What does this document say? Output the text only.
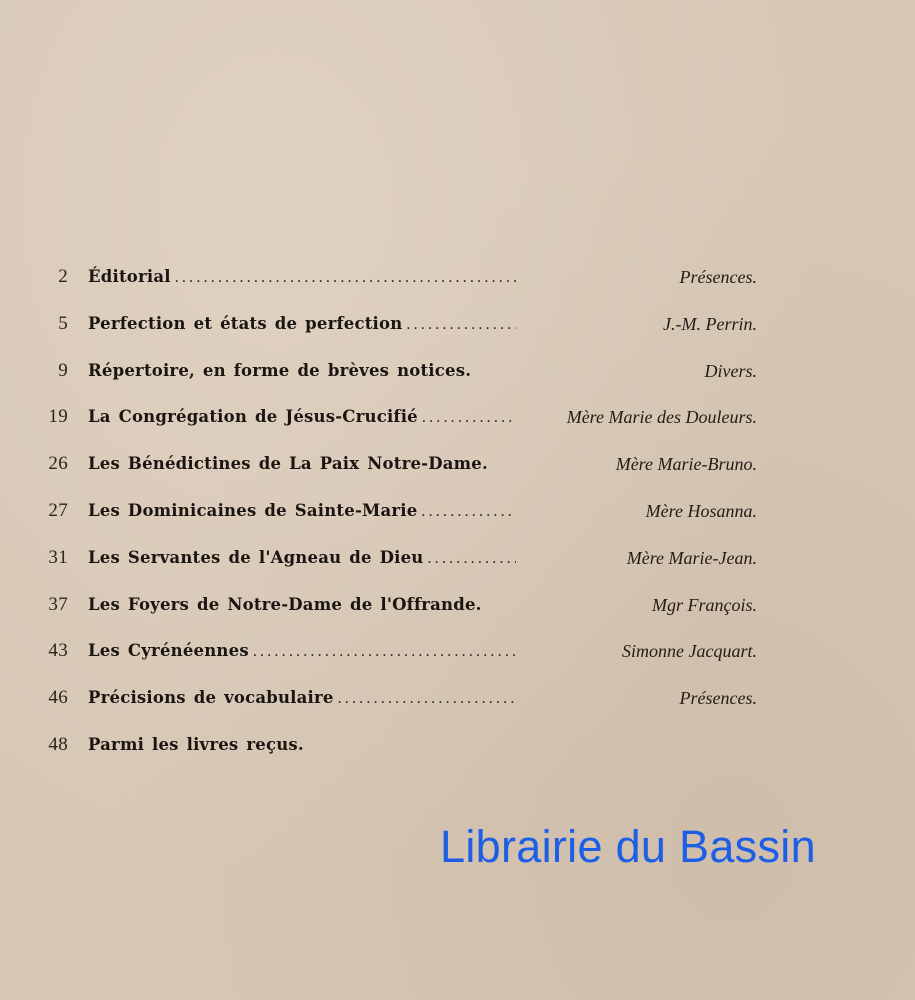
2 Éditorial .....	Présences.
5 Perfection et états de perfection .....	J.-M. Perrin.
9 Répertoire, en forme de brèves notices.	Divers.
19 La Congrégation de Jésus-Crucifié .....	Mère Marie des Douleurs.
26 Les Bénédictines de La Paix Notre-Dame.	Mère Marie-Bruno.
27 Les Dominicaines de Sainte-Marie .....	Mère Hosanna.
31 Les Servantes de l'Agneau de Dieu .....	Mère Marie-Jean.
37 Les Foyers de Notre-Dame de l'Offrande.	Mgr François.
43 Les Cyrénéennes .....	Simonne Jacquart.
46 Précisions de vocabulaire .....	Présences.
48 Parmi les livres reçus.
Librairie du Bassin
